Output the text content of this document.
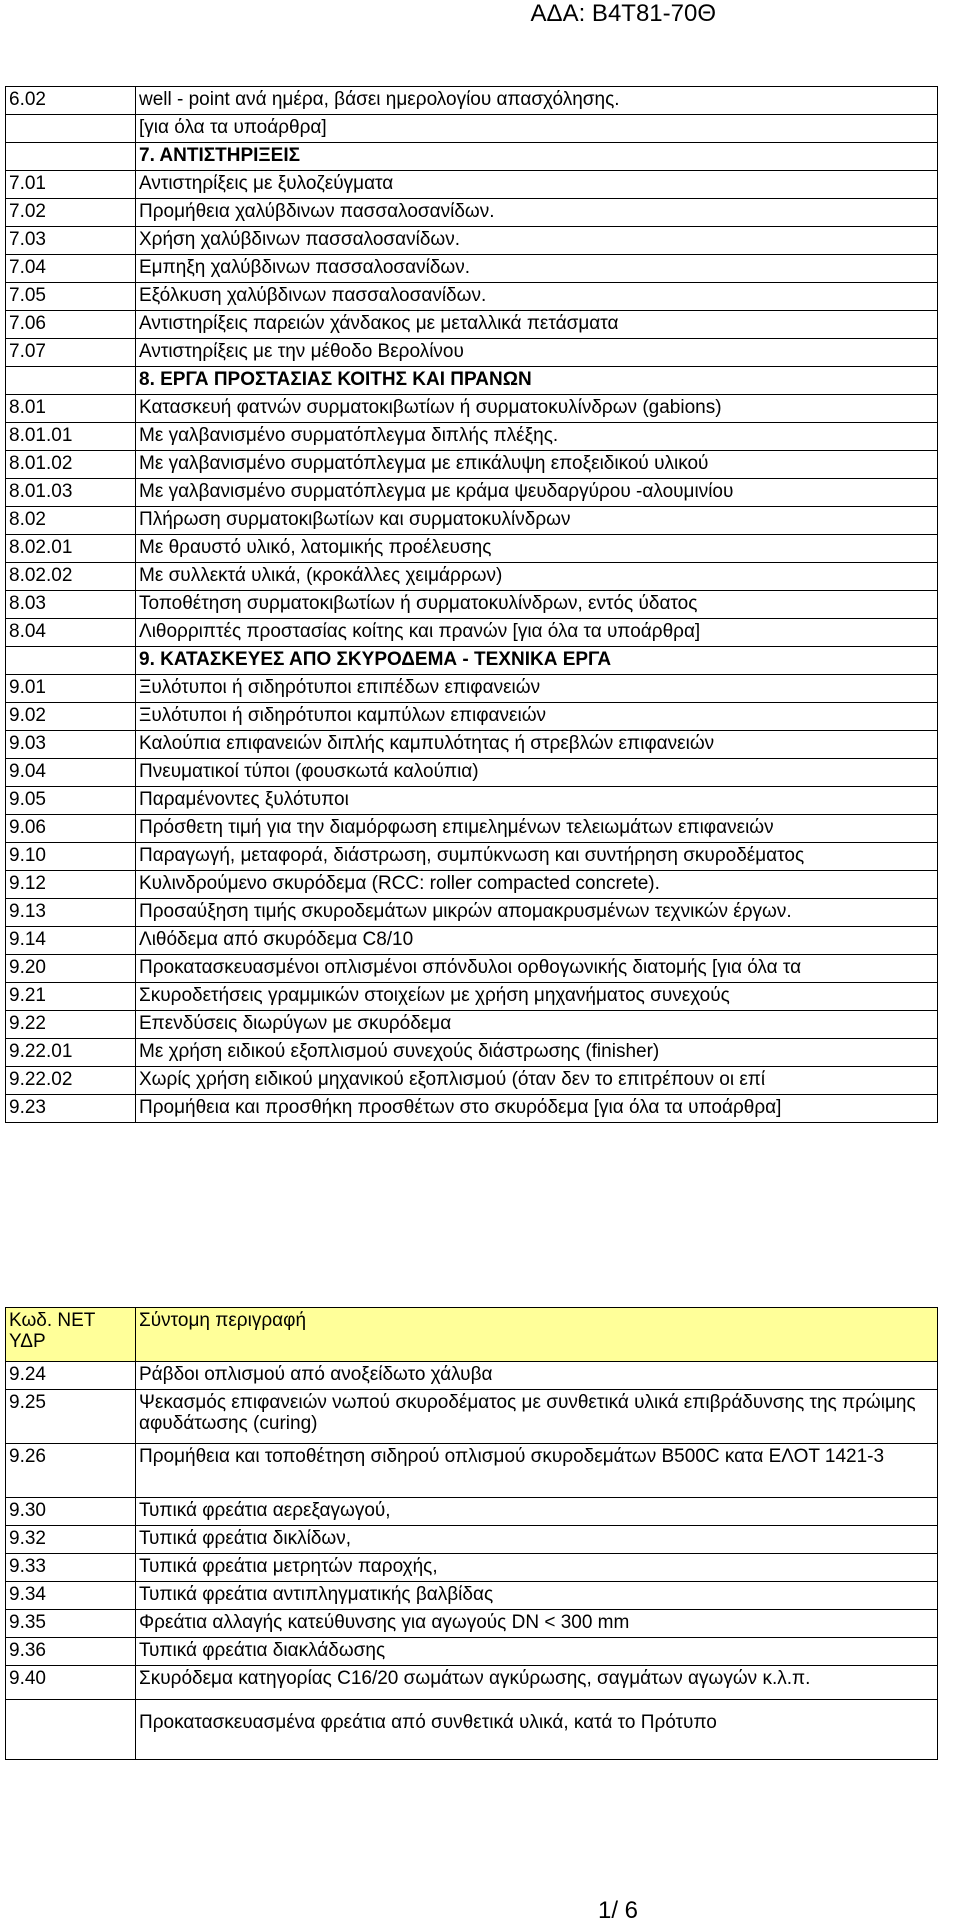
ΑΔΑ: Β4Τ81-70Θ
6.02	well - point ανά ημέρα, βάσει ημερολογίου απασχόλησης.
	[για όλα τα υποάρθρα]
	7. ΑΝΤΙΣΤΗΡΙΞΕΙΣ
7.01	Αντιστηρίξεις με ξυλοζεύγματα
7.02	Προμήθεια χαλύβδινων πασσαλοσανίδων.
7.03	Χρήση χαλύβδινων πασσαλοσανίδων.
7.04	Εμπηξη χαλύβδινων πασσαλοσανίδων.
7.05	Εξόλκυση χαλύβδινων πασσαλοσανίδων.
7.06	Αντιστηρίξεις παρειών χάνδακος με μεταλλικά πετάσματα
7.07	Αντιστηρίξεις με την μέθοδο Βερολίνου
	8. ΕΡΓΑ ΠΡΟΣΤΑΣΙΑΣ ΚΟΙΤΗΣ ΚΑΙ ΠΡΑΝΩΝ
8.01	Κατασκευή φατνών συρματοκιβωτίων ή συρματοκυλίνδρων (gabions)
8.01.01	Με γαλβανισμένο συρματόπλεγμα διπλής πλέξης.
8.01.02	Με γαλβανισμένο συρματόπλεγμα με επικάλυψη εποξειδικού υλικού
8.01.03	Με γαλβανισμένο συρματόπλεγμα με κράμα ψευδαργύρου -αλουμινίου
8.02	Πλήρωση συρματοκιβωτίων και συρματοκυλίνδρων
8.02.01	Με θραυστό υλικό, λατομικής προέλευσης
8.02.02	Με συλλεκτά υλικά, (κροκάλλες χειμάρρων)
8.03	Τοποθέτηση συρματοκιβωτίων ή συρματοκυλίνδρων, εντός ύδατος
8.04	Λιθορριπτές προστασίας κοίτης και πρανών [για όλα τα υποάρθρα]
	9. ΚΑΤΑΣΚΕΥΕΣ ΑΠΟ ΣΚΥΡΟΔΕΜΑ - ΤΕΧΝΙΚΑ ΕΡΓΑ
9.01	Ξυλότυποι ή σιδηρότυποι επιπέδων επιφανειών
9.02	Ξυλότυποι ή σιδηρότυποι καμπύλων επιφανειών
9.03	Καλούπια επιφανειών διπλής καμπυλότητας ή στρεβλών επιφανειών
9.04	Πνευματικοί τύποι (φουσκωτά καλούπια)
9.05	Παραμένοντες ξυλότυποι
9.06	Πρόσθετη τιμή για την διαμόρφωση επιμελημένων τελειωμάτων επιφανειών
9.10	Παραγωγή, μεταφορά, διάστρωση, συμπύκνωση και συντήρηση σκυροδέματος
9.12	Κυλινδρούμενο σκυρόδεμα (RCC: roller compacted concrete).
9.13	Προσαύξηση τιμής σκυροδεμάτων μικρών απομακρυσμένων τεχνικών έργων.
9.14	Λιθόδεμα από σκυρόδεμα C8/10
9.20	Προκατασκευασμένοι οπλισμένοι σπόνδυλοι ορθογωνικής διατομής [για όλα τα
9.21	Σκυροδετήσεις γραμμικών στοιχείων με χρήση μηχανήματος συνεχούς
9.22	Επενδύσεις διωρύγων με σκυρόδεμα
9.22.01	Με χρήση ειδικού εξοπλισμού συνεχούς διάστρωσης (finisher)
9.22.02	Χωρίς χρήση ειδικού μηχανικού εξοπλισμού (όταν δεν το επιτρέπουν οι επί
9.23	Προμήθεια και προσθήκη προσθέτων στο σκυρόδεμα [για όλα τα υποάρθρα]
Κωδ. ΝΕΤ ΥΔΡ	Σύντομη περιγραφή
9.24	Ράβδοι οπλισμού από ανοξείδωτο χάλυβα
9.25	Ψεκασμός επιφανειών νωπού σκυροδέματος με συνθετικά υλικά επιβράδυνσης της πρώιμης αφυδάτωσης (curing)
9.26	Προμήθεια και τοποθέτηση σιδηρού οπλισμού σκυροδεμάτων B500C κατα ΕΛΟΤ 1421-3
9.30	Τυπικά φρεάτια αερεξαγωγού,
9.32	Τυπικά φρεάτια δικλίδων,
9.33	Τυπικά φρεάτια μετρητών παροχής,
9.34	Τυπικά φρεάτια αντιπληγματικής βαλβίδας
9.35	Φρεάτια αλλαγής κατεύθυνσης για αγωγούς DN < 300 mm
9.36	Τυπικά φρεάτια διακλάδωσης
9.40	Σκυρόδεμα κατηγορίας C16/20 σωμάτων αγκύρωσης, σαγμάτων αγωγών κ.λ.π.
	Προκατασκευασμένα φρεάτια από συνθετικά υλικά, κατά το Πρότυπο
1/ 6
